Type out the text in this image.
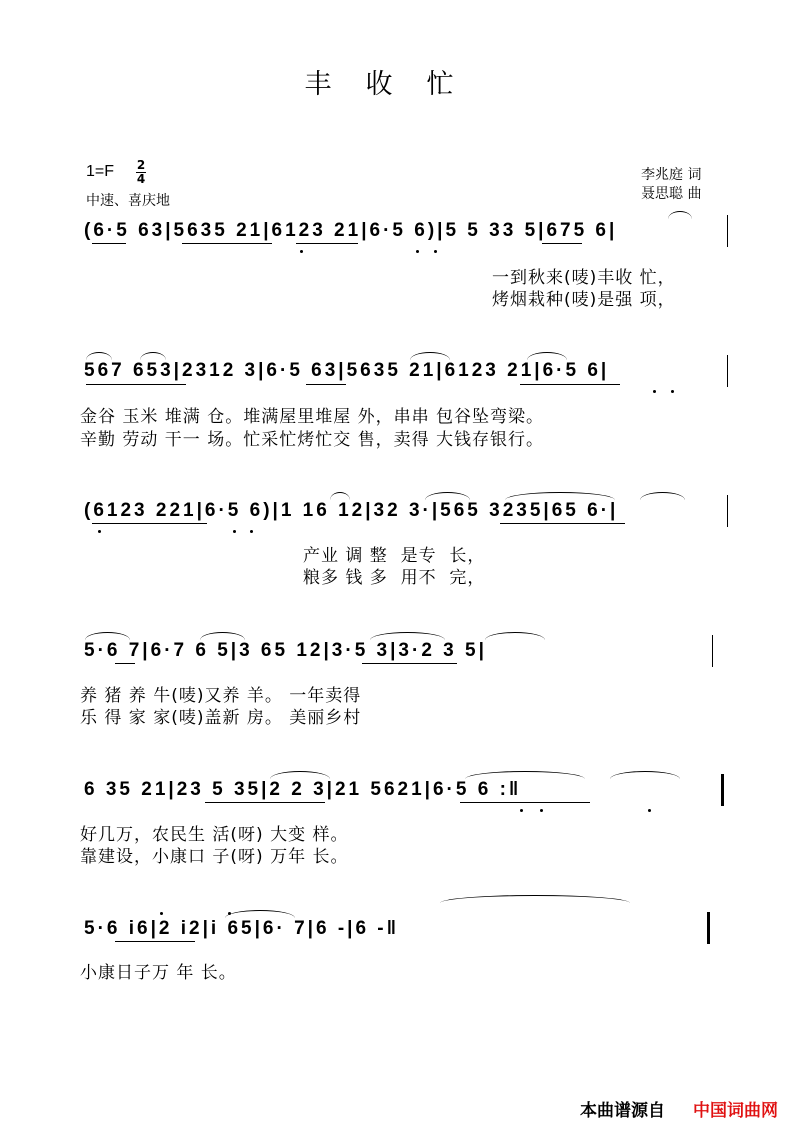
丰收忙
1=F 2
4
中速、喜庆地
李兆庭 词
聂思聪 曲
(6·5 63|5635 21|6123 21|6·5 6)|5 5 33 5|675 6|
一到秋来(唛)丰收 忙，
烤烟栽种(唛)是强 项，
567 653|2312 3|6·5 63|5635 21|6123 21|6·5 6|
金谷 玉米 堆满 仓。堆满屋里堆屋 外，串串 包谷坠弯梁。
辛勤 劳动 干一 场。忙采忙烤忙交 售，卖得 大钱存银行。
(6123 221|6·5 6)|1 16 12|32 3·|565 3235|65 6·|
产业 调 整  是专  长，
粮多 钱 多  用不  完，
5·6 7|6·7 6 5|3 65 12|3·5 3|3·2 3 5|
养 猪 养 牛(唛)又养 羊。 一年卖得
乐 得 家 家(唛)盖新 房。 美丽乡村
6 35 21|23 5 35|2 2 3|21 5621|6·5 6 :‖
好几万，农民生 活(呀) 大变 样。
靠建设，小康口 子(呀) 万年 长。
5·6 i6|2 i2|i 65|6· 7|6 -|6 -‖
小康日子万 年 长。
本曲谱源自 中国词曲网
